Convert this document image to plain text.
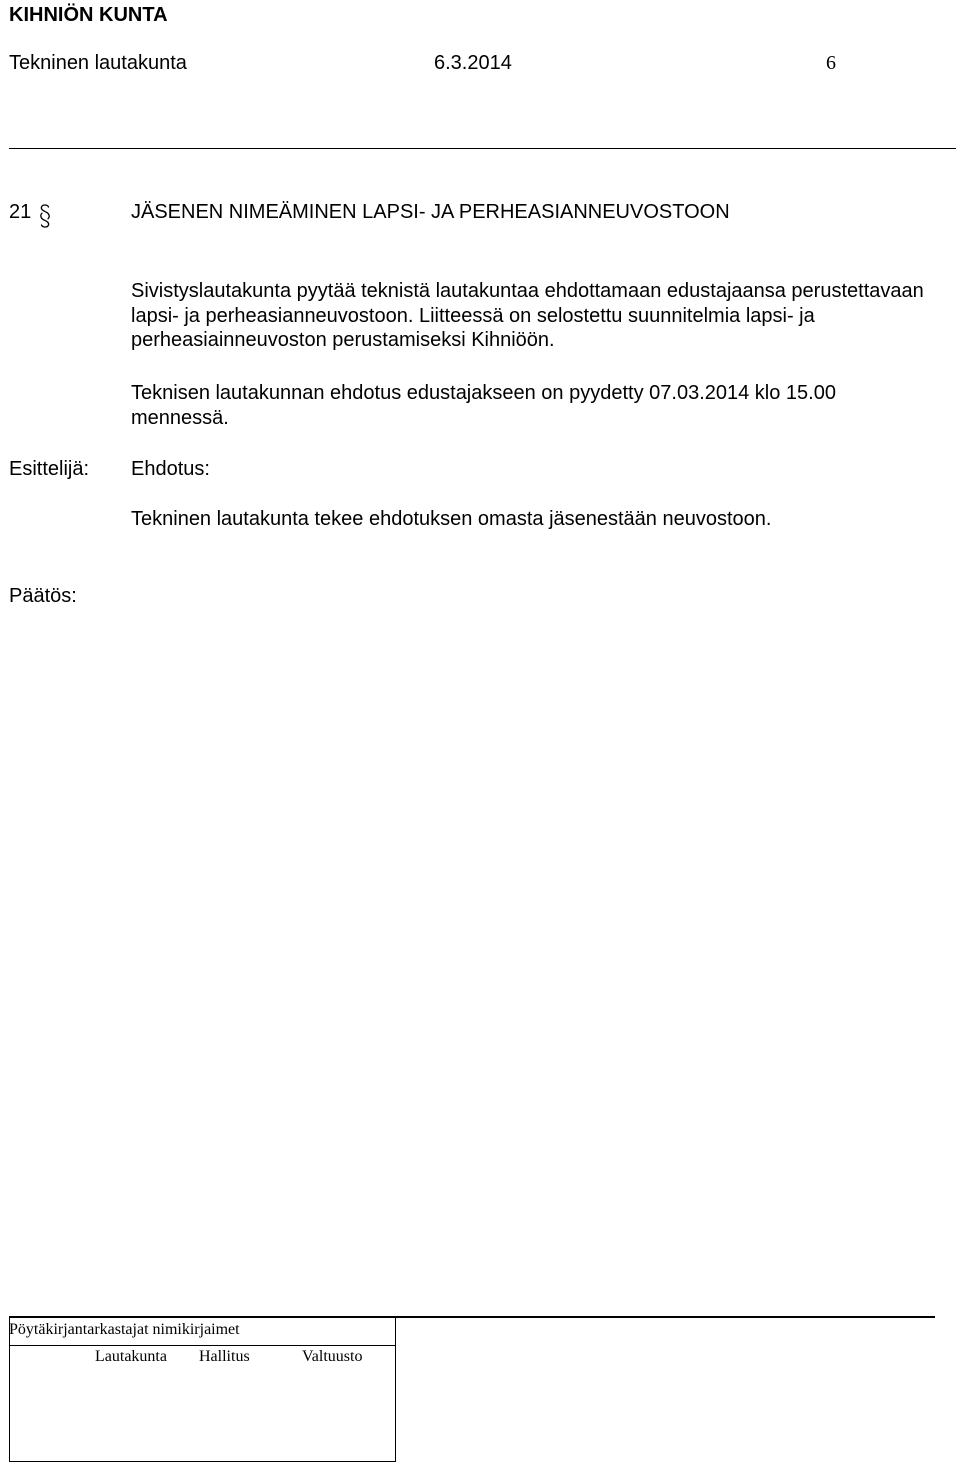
KIHNIÖN KUNTA
Tekninen lautakunta	6.3.2014	6
21	JÄSENEN NIMEÄMINEN LAPSI- JA PERHEASIANNEUVOSTOON
Sivistyslautakunta pyytää teknistä lautakuntaa ehdottamaan edustajaansa perustettavaan lapsi- ja perheasianneuvostoon. Liitteessä on selostettu suunnitelmia lapsi- ja perheasiainneuvoston perustamiseksi Kihniöön.
Teknisen lautakunnan ehdotus edustajakseen on pyydetty 07.03.2014 klo 15.00 mennessä.
Esittelijä: Ehdotus:
Tekninen lautakunta tekee ehdotuksen omasta jäsenestään neuvostoon.
Päätös:
Pöytäkirjantarkastajat nimikirjaimet
Lautakunta Hallitus	Valtuusto
